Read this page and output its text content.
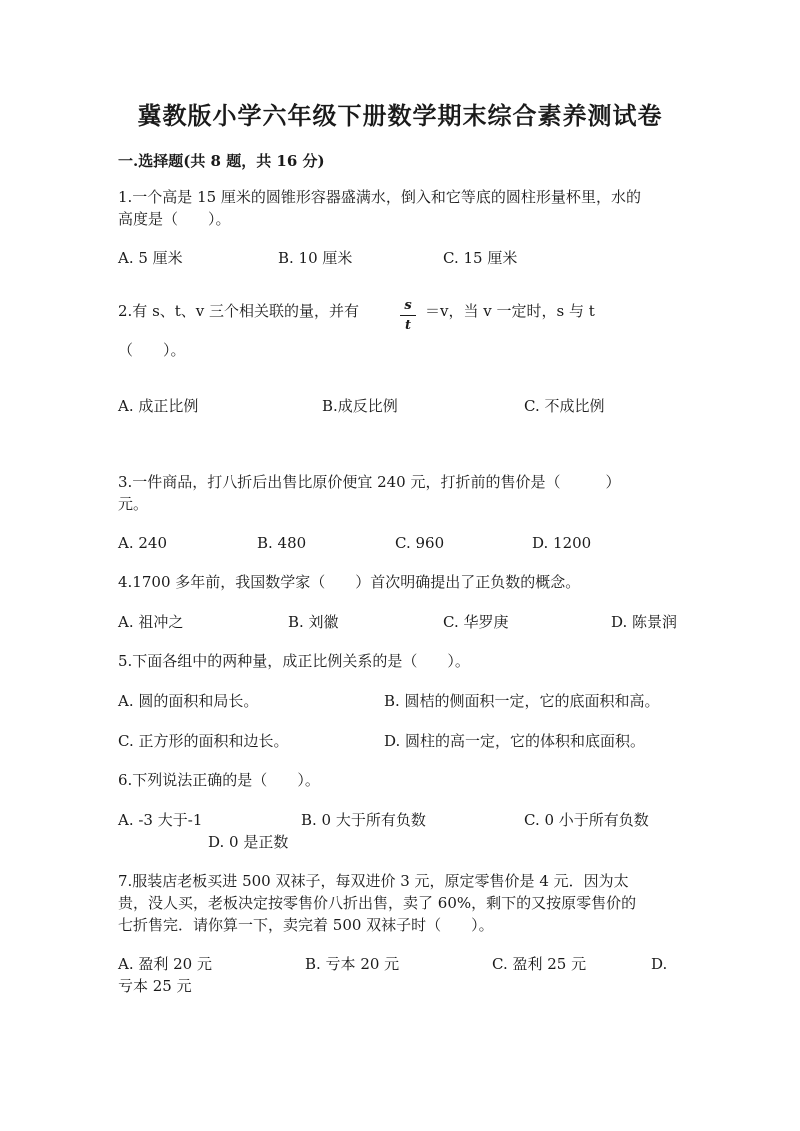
冀教版小学六年级下册数学期末综合素养测试卷
一.选择题(共 8 题，共 16 分)
1.一个高是 15 厘米的圆锥形容器盛满水，倒入和它等底的圆柱形量杯里，水的
高度是（　　）。
A. 5 厘米	B. 10 厘米	C. 15 厘米
2.有 s、t、v 三个相关联的量，并有	s
t
＝v，当 v 一定时，s 与 t
（　　）。
A. 成正比例	B.成反比例	C. 不成比例
3.一件商品，打八折后出售比原价便宜 240 元，打折前的售价是（　　　）
元。
A. 240	B. 480	C. 960	D. 1200
4.1700 多年前，我国数学家（　　）首次明确提出了正负数的概念。
A. 祖冲之	B. 刘徽	C. 华罗庚	D. 陈景润
5.下面各组中的两种量，成正比例关系的是（　　）。
A. 圆的面积和局长。	B. 圆桔的侧面积一定，它的底面积和高。
C. 正方形的面积和边长。	D. 圆柱的高一定，它的体积和底面积。
6.下列说法正确的是（　　）。
A. -3 大于-1	B. 0 大于所有负数	C. 0 小于所有负数
D. 0 是正数
7.服装店老板买进 500 双袜子，每双进价 3 元，原定零售价是 4 元．因为太
贵，没人买，老板决定按零售价八折出售，卖了 60%，剩下的又按原零售价的
七折售完．请你算一下，卖完着 500 双袜子时（　　）。
A. 盈利 20 元	B. 亏本 20 元	C. 盈利 25 元	D.
亏本 25 元
